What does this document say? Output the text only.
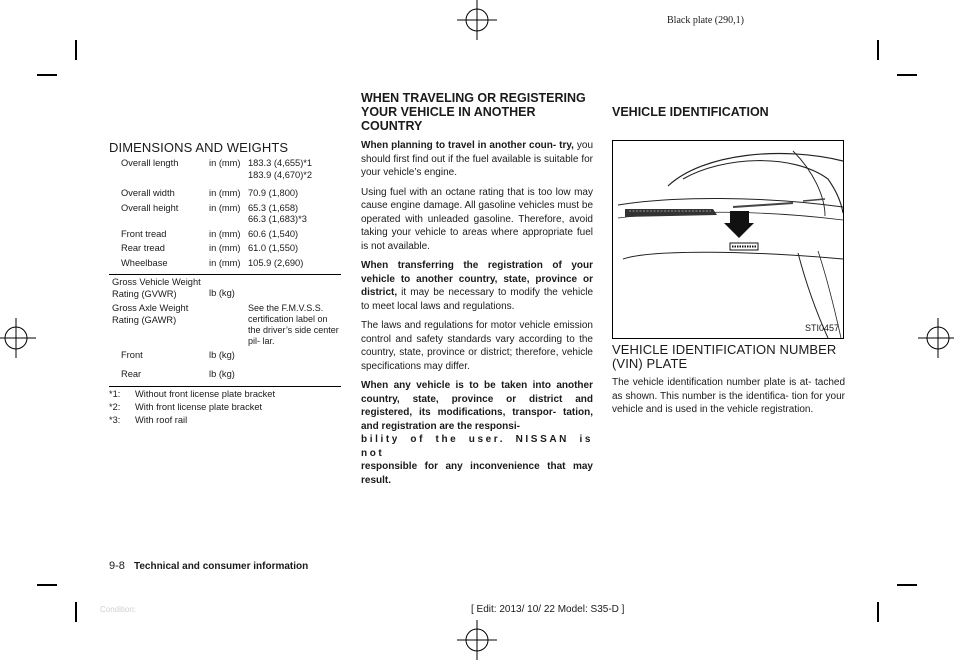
Black plate (290,1)
DIMENSIONS AND WEIGHTS
Overall length	in (mm)	183.3 (4,655)*1
183.9 (4,670)*2

Overall width	in (mm)	70.9 (1,800)

Overall height	in (mm)	65.3 (1,658)
66.3 (1,683)*3

Front tread	in (mm)	60.6 (1,540)

Rear tread	in (mm)	61.0 (1,550)

Wheelbase	in (mm)	105.9 (2,690)

Gross Vehicle Weight Rating (GVWR)	lb (kg)	

Gross Axle Weight Rating (GAWR)		See the F.M.V.S.S. certification label on the driver’s side center pil- lar.

Front	lb (kg)	

Rear	lb (kg)	

*1: Without front license plate bracket
*2: With front license plate bracket
*3: With roof rail
WHEN TRAVELING OR REGISTERING YOUR VEHICLE IN ANOTHER COUNTRY

When planning to travel in another coun- try, you should first find out if the fuel available is suitable for your vehicle’s engine.

Using fuel with an octane rating that is too low may cause engine damage. All gasoline vehicles must be operated with unleaded gasoline. Therefore, avoid taking your vehicle to areas where appropriate fuel is not available.

When transferring the registration of your vehicle to another country, state, province or district, it may be necessary to modify the vehicle to meet local laws and regulations.

The laws and regulations for motor vehicle emission control and safety standards vary according to the country, state, province or district; therefore, vehicle specifications may differ.

When any vehicle is to be taken into another country, state, province or district and registered, its modifications, transpor- tation, and registration are the responsi-
bility of the user. NISSAN is not
responsible for any inconvenience that may result.

VEHICLE IDENTIFICATION
STI0457
VEHICLE IDENTIFICATION NUMBER (VIN) PLATE
The vehicle identification number plate is at- tached as shown. This number is the identifica- tion for your vehicle and is used in the vehicle registration.
9-8 Technical and consumer information
Condition:	[ Edit: 2013/ 10/ 22 Model: S35-D ]
